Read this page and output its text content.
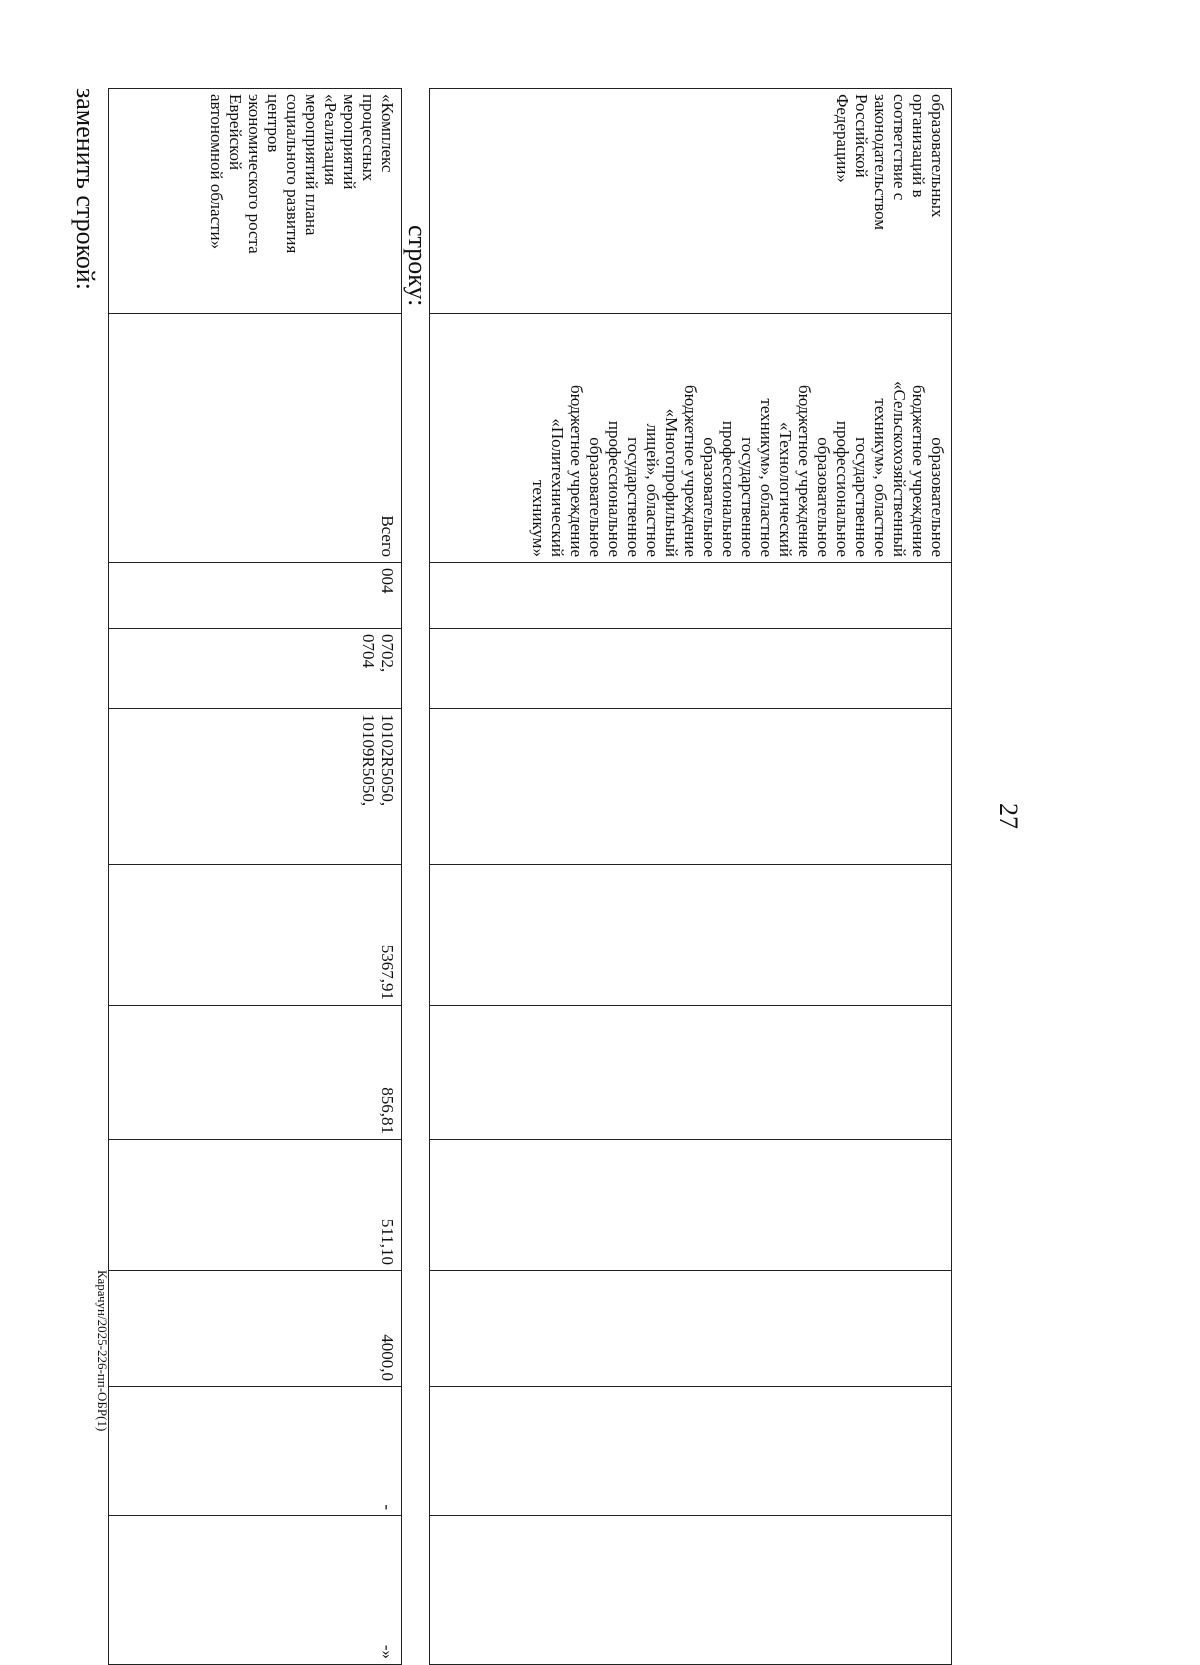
27
образовательных
организаций в
соответствие с
законодательством
Российской
Федерации»	образовательное
бюджетное учреждение
«Сельскохозяйственный
техникум», областное
государственное
профессиональное
образовательное
бюджетное учреждение
«Технологический
техникум», областное
государственное
профессиональное
образовательное
бюджетное учреждение
«Многопрофильный
лицей», областное
государственное
профессиональное
образовательное
бюджетное учреждение
«Политехнический
техникум»									
строку:
«Комплекс
процессных
мероприятий
«Реализация
мероприятий плана
социального развития
центров
экономического роста
Еврейской
автономной области»	Всего	004	0702,
0704	10102R5050,
10109R5050,	5367,91	856,81	511,10	4000,0	-	-»
заменить строкой:
Карачун/2025-226-пп-ОБР(1)
